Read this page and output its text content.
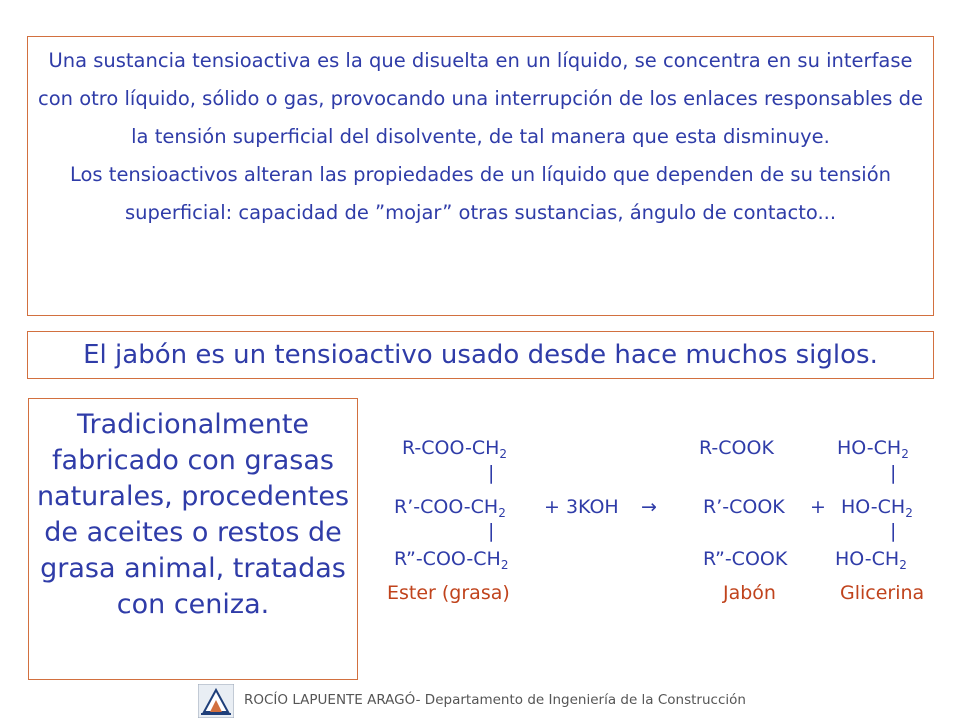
Una sustancia tensioactiva es la que disuelta en un líquido, se concentra en su interfase con otro líquido, sólido o gas, provocando una interrupción de los enlaces responsables de la tensión superficial del disolvente, de tal manera que esta disminuye.

Los tensioactivos alteran las propiedades de un líquido que dependen de su tensión superficial: capacidad de ”mojar” otras sustancias, ángulo de contacto...

El jabón es un tensioactivo usado desde hace muchos siglos.
Tradicionalmente fabricado con grasas naturales, procedentes de aceites o restos de grasa animal, tratadas con ceniza.
$R-COO-CH_2$
|
$R’-COO-CH_2$
|
$R”-COO-CH_2$
+ 3KOH →
R-COOK
R’-COOK +
R”-COOK
$HO-CH_2$
|
$HO-CH_2$
|
$HO-CH_2$
Ester (grasa)	Jabón	Glicerina
ROCÍO LAPUENTE ARAGÓ- Departamento de Ingeniería de la Construcción
